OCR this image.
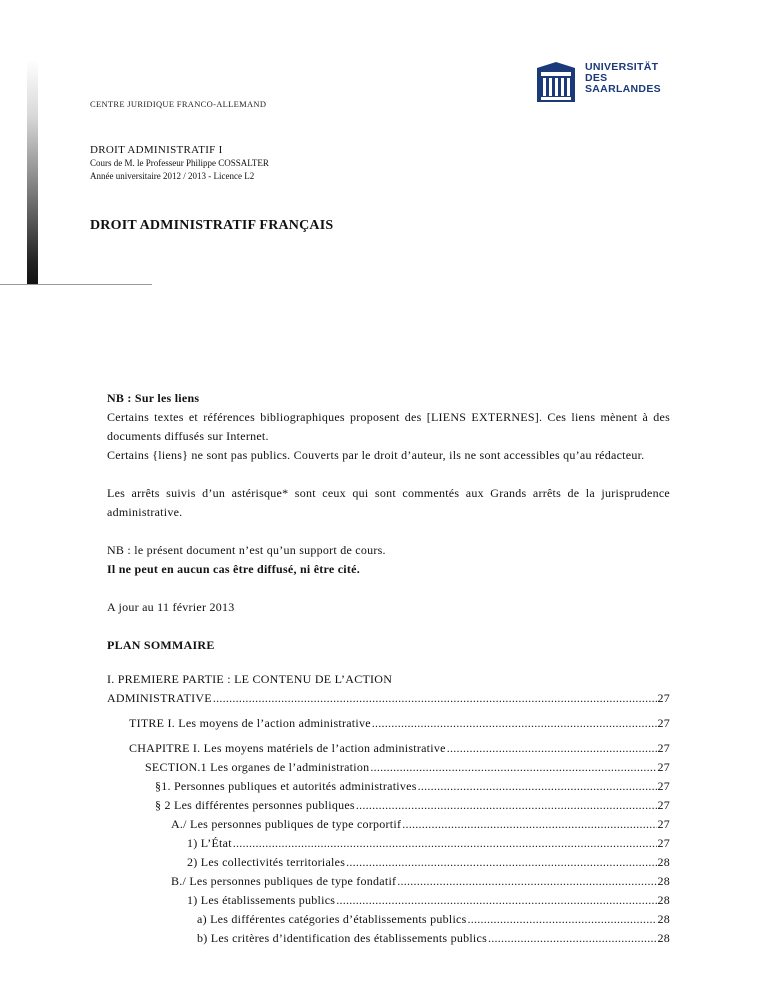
UNIVERSITÄT
DES
SAARLANDES
CENTRE JURIDIQUE FRANCO-ALLEMAND
DROIT ADMINISTRATIF I
Cours de M. le Professeur Philippe COSSALTER
Année universitaire 2012 / 2013 - Licence L2
DROIT ADMINISTRATIF FRANÇAIS

NB : Sur les liens

Certains textes et références bibliographiques proposent des [LIENS EXTERNES]. Ces liens mènent à des documents diffusés sur Internet.

Certains {liens} ne sont pas publics. Couverts par le droit d’auteur, ils ne sont accessibles qu’au rédacteur.

Les arrêts suivis d’un astérisque* sont ceux qui sont commentés aux Grands arrêts de la jurisprudence administrative.

NB : le présent document n’est qu’un support de cours.

Il ne peut en aucun cas être diffusé, ni être cité.

A jour au 11 février 2013

PLAN SOMMAIRE

I. PREMIERE PARTIE : LE CONTENU DE L’ACTION
ADMINISTRATIVE .....	27
TITRE I. Les moyens de l’action administrative .....	27
CHAPITRE I. Les moyens matériels de l’action administrative .....	27
SECTION.1 Les organes de l’administration .....	27
§1. Personnes publiques et autorités administratives .....	27
§ 2 Les différentes personnes publiques .....	27
A./ Les personnes publiques de type corportif .....	27
1) L’État .....	27
2) Les collectivités territoriales .....	28
B./ Les personnes publiques de type fondatif .....	28
1) Les établissements publics .....	28
a) Les différentes catégories d’établissements publics .....	28
b) Les critères d’identification des établissements publics .....	28
